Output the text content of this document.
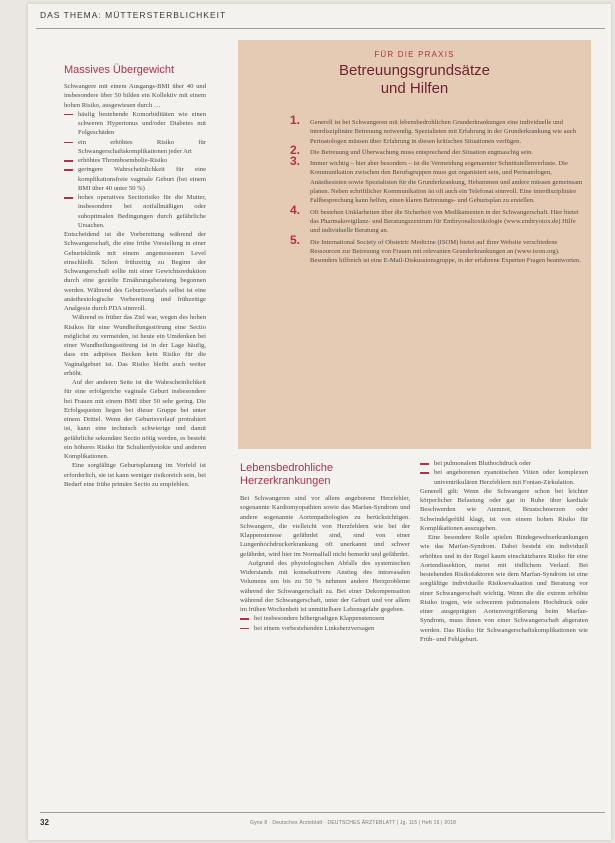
DAS THEMA: MÜTTERSTERBLICHKEIT
Massives Übergewicht

Schwangere mit einem Ausgangs-BMI über 40 und insbesondere über 50 bilden ein Kollektiv mit einem hohen Risiko, ausgewiesen durch …

häufig bestehende Komorbiditäten wie einen schweren Hypertonus und/oder Diabetes mit Folgeschäden
ein erhöhtes Risiko für Schwangerschaftskomplikationen jeder Art
erhöhtes Thromboembolie-Risiko
geringere Wahrscheinlichkeit für eine komplikationsfreie vaginale Geburt (bei einem BMI über 40 unter 50 %)
hohes operatives Sectiorisiko für die Mutter, insbesondere bei notfallmäßigen oder suboptimalen Bedingungen durch gefährliche Ursachen.

Entscheidend ist die Vorbereitung während der Schwangerschaft, die eine frühe Vorstellung in einer Geburtsklinik mit einem angemessenen Level einschließt. Schon frühzeitig zu Beginn der Schwangerschaft sollte mit einer Gewichtsreduktion durch eine gezielte Ernährungsberatung begonnen werden. Während des Geburtsverlaufs selbst ist eine anästhesiologische Vorbereitung und frühzeitige Analgesie durch PDA sinnvoll.

Während es früher das Ziel war, wegen des hohen Risikos für eine Wundheilungsstörung eine Sectio möglichst zu vermeiden, ist heute ein Umdenken bei einer Wundheilungsstörung ist in der Lage häufig, dass ein adipöses Becken kein Risiko für die Vaginalgeburt ist. Das Risiko bleibt auch weiter erhöht.

Auf der anderen Seite ist die Wahrscheinlichkeit für eine erfolgreiche vaginale Geburt insbesondere bei Frauen mit einem BMI über 50 sehr gering. Die Erfolgsquoten liegen bei dieser Gruppe bei unter einem Drittel. Wenn der Geburtsverlauf protrahiert ist, kann eine technisch schwierige und damit gefährliche sekundäre Sectio nötig werden, es besteht ein höheres Risiko für Schulterdystokie und anderen Komplikationen.

Eine sorgfältige Geburtsplanung im Vorfeld ist erforderlich, sie ist kann weniger risikoreich sein, bei Bedarf eine frühe primäre Sectio zu empfehlen.

FÜR DIE PRAXIS
Betreuungsgrundsätze
und Hilfen
1. Generell ist bei Schwangeren mit lebensbedrohlichen Grunderkrankungen eine individuelle und interdisziplinäre Betreuung notwendig. Spezialisten mit Erfahrung in der Grunderkrankung wie auch Perinatologen müssen über Erfahrung in diesen kritischen Situationen verfügen.
2. Die Betreuung und Überwachung muss entsprechend der Situation engmaschig sein.
3. Immer wichtig – hier aber besonders – ist die Vermeidung sogenannter Schnittstellenverluste. Die Kommunikation zwischen den Berufsgruppen muss gut organisiert sein, und Perinatologen, Anästhesisten sowie Spezialisten für die Grunderkrankung, Hebammen und andere müssen gemeinsam planen. Neben schriftlicher Kommunikation ist oft auch ein Telefonat sinnvoll. Eine interdisziplinäre Fallbesprechung kann helfen, einen klaren Betreuungs- und Geburtsplan zu erstellen.
4. Oft bestehen Unklarheiten über die Sicherheit von Medikamenten in der Schwangerschaft. Hier bietet das Pharmakovigilanz- und Beratungszentrum für Embryonaltoxikologie (www.embryotox.de) Hilfe und individuelle Beratung an.
5. Die International Society of Obstetric Medicine (ISOM) bietet auf ihrer Website verschiedene Ressourcen zur Betreuung von Frauen mit relevanten Grunderkrankungen an (www.isom.org). Besonders hilfreich ist eine E-Mail-Diskussionsgruppe, in der erfahrene Experten Fragen beantworten.
Lebensbedrohliche
Herzerkrankungen

Bei Schwangeren sind vor allem angeborene Herzfehler, sogenannte Kardiomyopathien sowie das Marfan-Syndrom und andere sogenannte Aortenpathologien zu berücksichtigen. Schwangere, die vielleicht von Herzfehlern wie bei der Klappenstenose gefährdet sind, sind von einer Lungenhochdruckerkrankung oft unerkannt und schwer gefährdet, wird hier im Normalfall nicht bemerkt und gefährdet.

Aufgrund des physiologischen Abfalls des systemischen Widerstands mit konsekutivem Anstieg des intravasalen Volumens um bis zu 50 % nehmen andere Herzprobleme während der Schwangerschaft zu. Bei einer Dekompensation während der Schwangerschaft, unter der Geburt und vor allem im frühen Wochenbett ist unmittelbare Lebensgefahr gegeben.

bei insbesondere höhergradigen Klappenstenosen
bei einem vorbestehenden Linksherzversagen
bei pulmonalem Bluthochdruck oder
bei angeborenen zyanotischen Vitien oder komplexen univentrikulären Herzfehlern mit Fontan-Zirkulation.

Generell gilt: Wenn die Schwangere schon bei leichter körperlicher Belastung oder gar in Ruhe über kardiale Beschwerden wie Atemnot, Brustschmerzen oder Schwindelgefühl klagt, ist von einem hohen Risiko für Komplikationen auszugehen.

Eine besondere Rolle spielen Bindegewebserkrankungen wie das Marfan-Syndrom. Dabei besteht ein individuell erhöhtes und in der Regel kaum einschätzbares Risiko für eine Aortendissektion, meist mit tödlichem Verlauf. Bei bestehenden Risikofaktoren wie dem Marfan-Syndrom ist eine sorgfältige individuelle Risikoevaluation und Beratung vor einer Schwangerschaft wichtig. Wenn die die extrem erhöhte Risiko tragen, wie schwerem pulmonalem Hochdruck oder einer ausgeprägten Aortenvergrößerung beim Marfan-Syndrom, muss ihnen von einer Schwangerschaft abgeraten werden. Das Risiko für Schwangerschaftskomplikationen wie Früh- und Fehlgeburt.

32	Gyne 8 · Deutsches Ärzteblatt · DEUTSCHES ÄRZTEBLATT | Jg. 115 | Heft 16 | 2018
